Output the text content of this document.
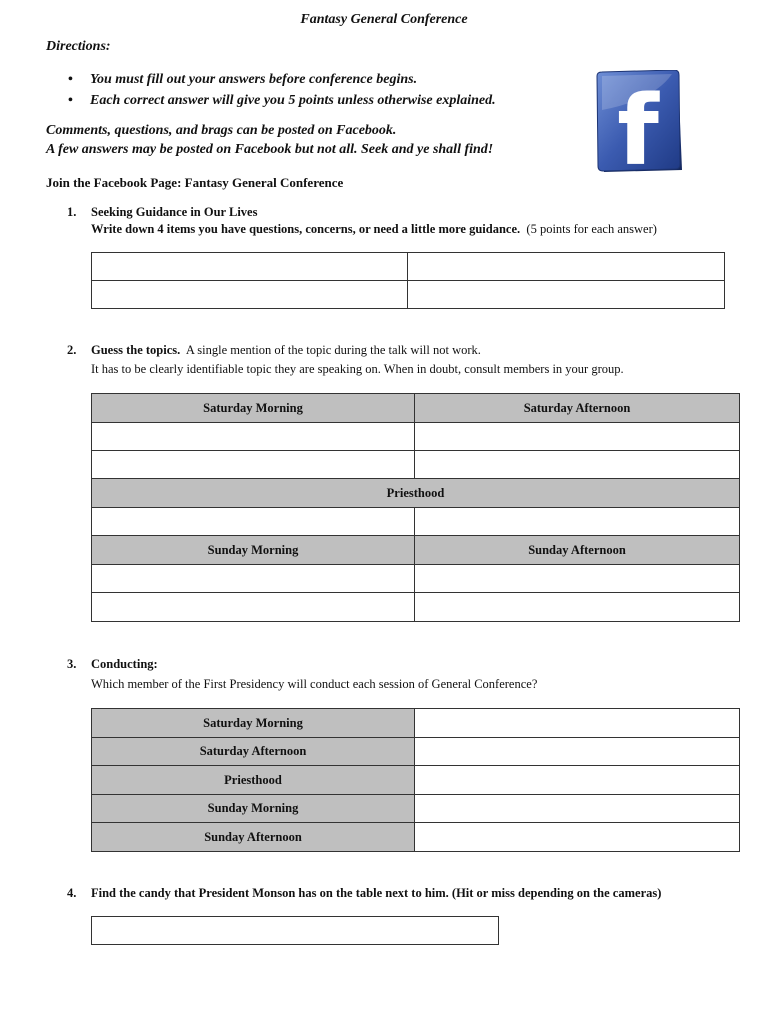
Fantasy General Conference
Directions:
• You must fill out your answers before conference begins.
• Each correct answer will give you 5 points unless otherwise explained.
Comments, questions, and brags can be posted on Facebook.
A few answers may be posted on Facebook but not all. Seek and ye shall find!
Join the Facebook Page: Fantasy General Conference	f
1. Seeking Guidance in Our Lives
Write down 4 items you have questions, concerns, or need a little more guidance. (5 points for each answer)

2. Guess the topics. A single mention of the topic during the talk will not work.
It has to be clearly identifiable topic they are speaking on. When in doubt, consult members in your group.
Saturday Morning	Saturday Afternoon

Priesthood	

Sunday Morning	Sunday Afternoon

3. Conducting:
Which member of the First Presidency will conduct each session of General Conference?
Saturday Morning	
Saturday Afternoon	
Priesthood	
Sunday Morning	
Sunday Afternoon	
4. Find the candy that President Monson has on the table next to him. (Hit or miss depending on the cameras)
